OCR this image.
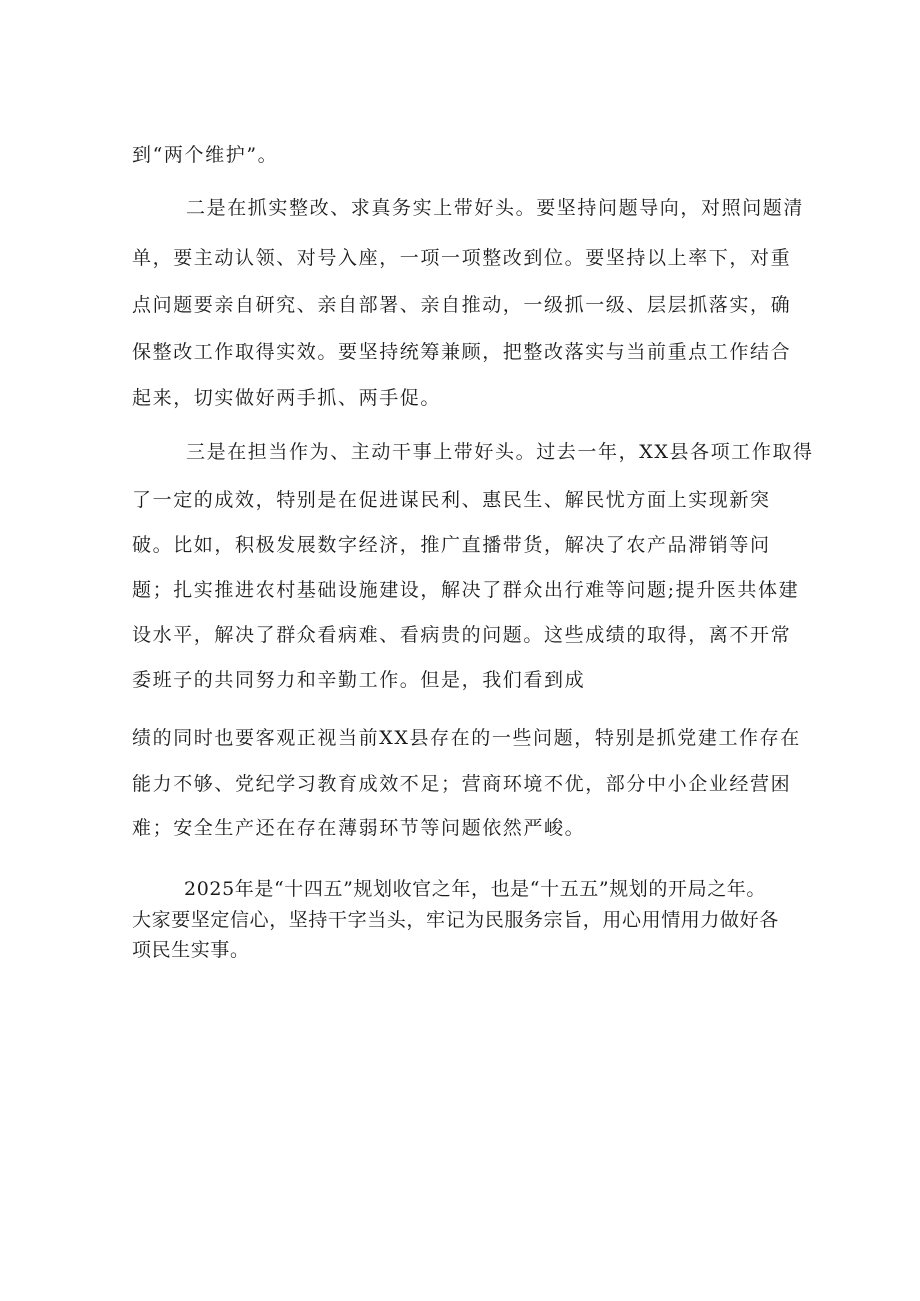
到“两个维护”。
二是在抓实整改、求真务实上带好头。要坚持问题导向，对照问题清
单，要主动认领、对号入座，一项一项整改到位。要坚持以上率下，对重
点问题要亲自研究、亲自部署、亲自推动，一级抓一级、层层抓落实，确
保整改工作取得实效。要坚持统筹兼顾，把整改落实与当前重点工作结合
起来，切实做好两手抓、两手促。
三是在担当作为、主动干事上带好头。过去一年，XX县各项工作取得
了一定的成效，特别是在促进谋民利、惠民生、解民忧方面上实现新突
破。比如，积极发展数字经济，推广直播带货，解决了农产品滞销等问
题；扎实推进农村基础设施建设，解决了群众出行难等问题;提升医共体建
设水平，解决了群众看病难、看病贵的问题。这些成绩的取得，离不开常
委班子的共同努力和辛勤工作。但是，我们看到成
绩的同时也要客观正视当前XX县存在的一些问题，特别是抓党建工作存在
能力不够、党纪学习教育成效不足；营商环境不优，部分中小企业经营困
难；安全生产还在存在薄弱环节等问题依然严峻。
2025年是“十四五”规划收官之年，也是“十五五”规划的开局之年。
大家要坚定信心，坚持干字当头，牢记为民服务宗旨，用心用情用力做好各
项民生实事。
